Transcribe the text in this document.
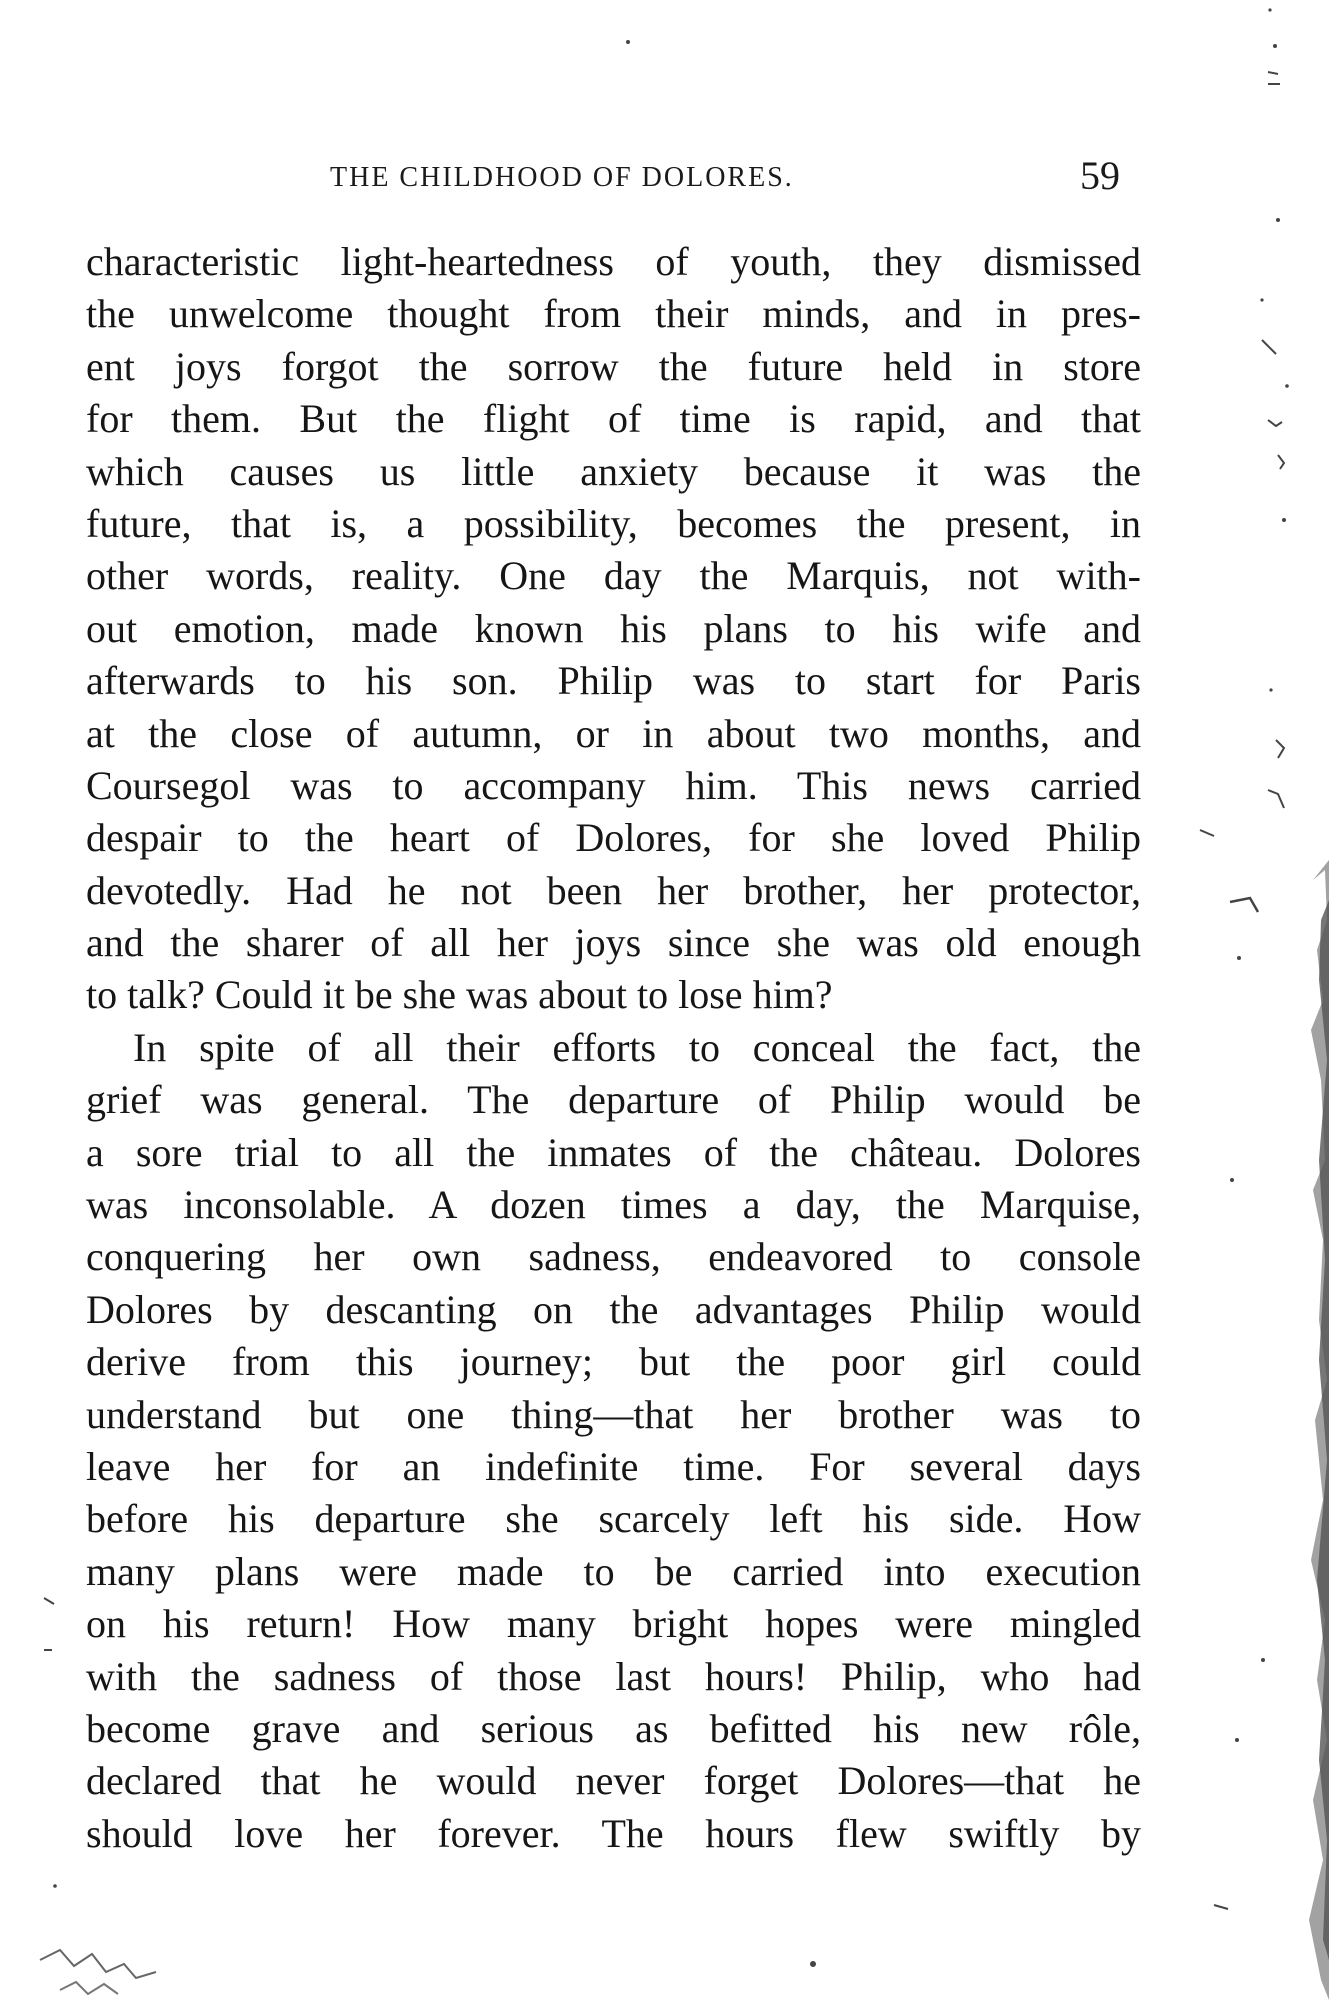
THE CHILDHOOD OF DOLORES.	59
characteristic light-heartedness of youth, they dismissed
the unwelcome thought from their minds, and in pres-
ent joys forgot the sorrow the future held in store
for them. But the flight of time is rapid, and that
which causes us little anxiety because it was the
future, that is, a possibility, becomes the present, in
other words, reality. One day the Marquis, not with-
out emotion, made known his plans to his wife and
afterwards to his son. Philip was to start for Paris
at the close of autumn, or in about two months, and
Coursegol was to accompany him. This news carried
despair to the heart of Dolores, for she loved Philip
devotedly. Had he not been her brother, her protector,
and the sharer of all her joys since she was old enough
to talk? Could it be she was about to lose him?
In spite of all their efforts to conceal the fact, the
grief was general. The departure of Philip would be
a sore trial to all the inmates of the château. Dolores
was inconsolable. A dozen times a day, the Marquise,
conquering her own sadness, endeavored to console
Dolores by descanting on the advantages Philip would
derive from this journey; but the poor girl could
understand but one thing—that her brother was to
leave her for an indefinite time. For several days
before his departure she scarcely left his side. How
many plans were made to be carried into execution
on his return! How many bright hopes were mingled
with the sadness of those last hours! Philip, who had
become grave and serious as befitted his new rôle,
declared that he would never forget Dolores—that he
should love her forever. The hours flew swiftly by
